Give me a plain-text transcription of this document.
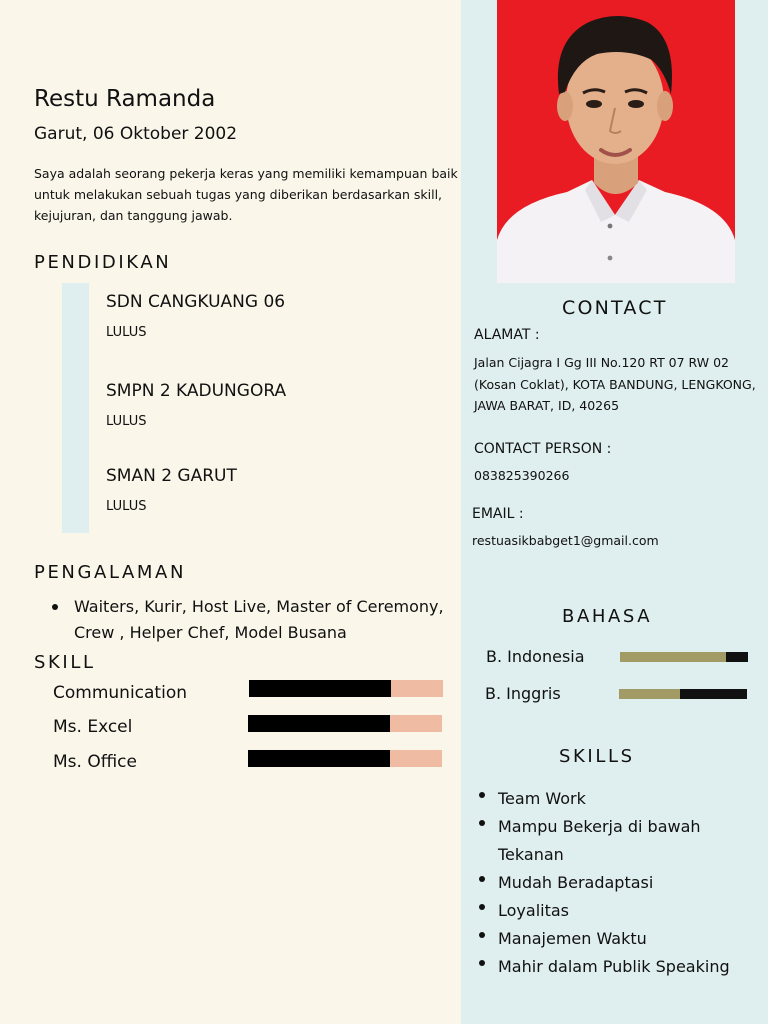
Restu Ramanda
Garut, 06 Oktober 2002
Saya adalah seorang pekerja keras yang memiliki kemampuan baik untuk melakukan sebuah tugas yang diberikan berdasarkan skill, kejujuran, dan tanggung jawab.
PENDIDIKAN
SDN CANGKUANG 06
LULUS
SMPN 2 KADUNGORA
LULUS
SMAN 2 GARUT
LULUS
PENGALAMAN
Waiters, Kurir, Host Live, Master of Ceremony, Crew , Helper Chef, Model Busana
SKILL
Communication
Ms. Excel
Ms. Office
CONTACT
ALAMAT :
Jalan Cijagra I Gg III No.120 RT 07 RW 02 (Kosan Coklat), KOTA BANDUNG, LENGKONG, JAWA BARAT, ID, 40265
CONTACT PERSON :
083825390266
EMAIL :
restuasikbabget1@gmail.com
BAHASA
B. Indonesia
B. Inggris
SKILLS
Team Work
Mampu Bekerja di bawah Tekanan
Mudah Beradaptasi
Loyalitas
Manajemen Waktu
Mahir dalam Publik Speaking
